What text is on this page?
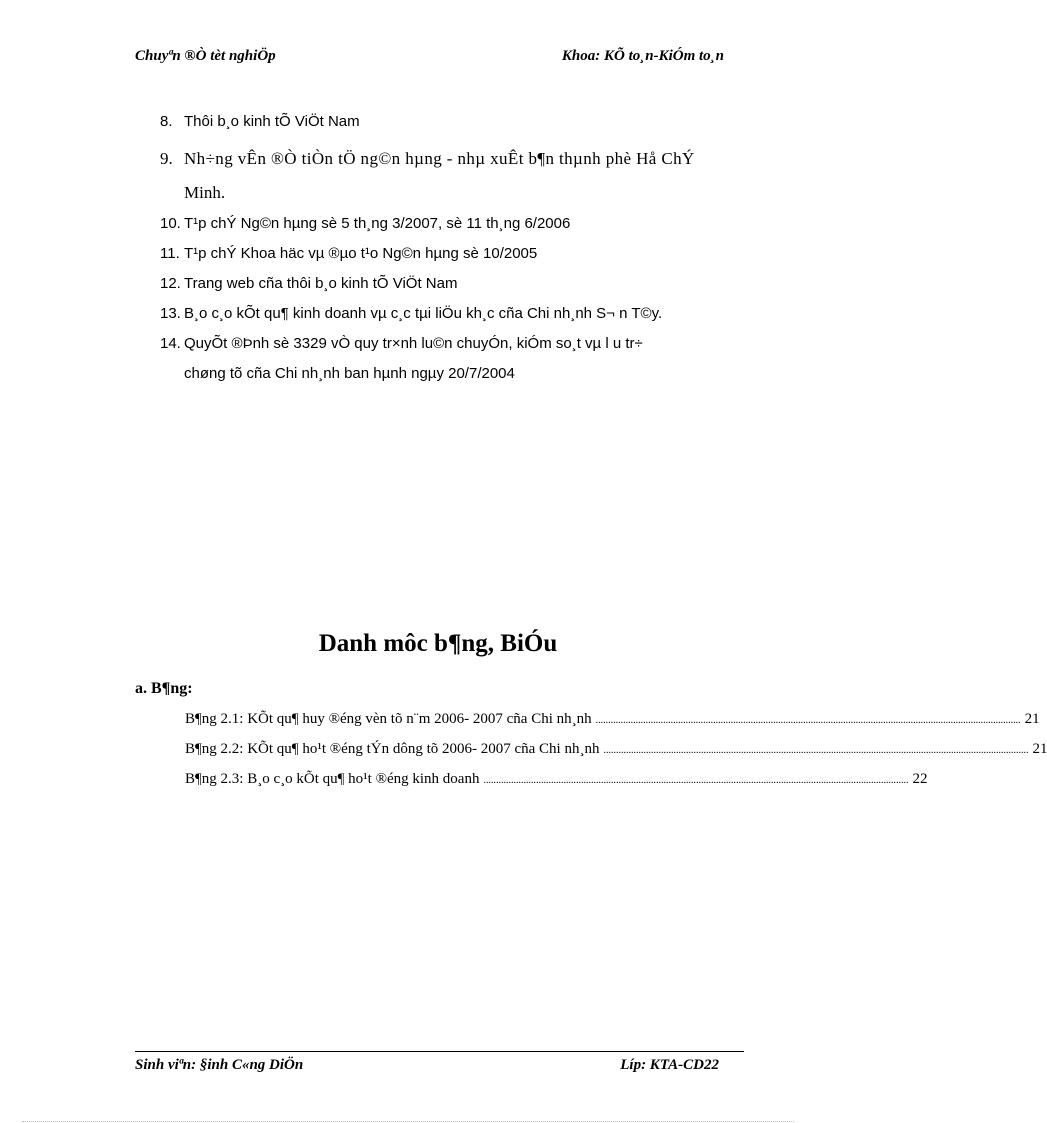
Chuyªn ®Ò tèt nghiÖp	Khoa: KÕ to¸n-KiÓm to¸n
8. Thôi b¸o kinh tÕ ViÖt Nam
9. Nh÷ng vÊn ®Ò tiÒn tÖ ng©n hµng - nhµ xuÊt b¶n thµnh phè Hå ChÝ
Minh.
10. T¹p chÝ Ng©n hµng sè 5 th¸ng 3/2007, sè 11 th¸ng 6/2006
11. T¹p chÝ Khoa häc vµ ®µo t¹o Ng©n hµng sè 10/2005
12. Trang web cña thôi b¸o kinh tÕ ViÖt Nam
13. B¸o c¸o kÕt qu¶ kinh doanh vµ c¸c tµi liÖu kh¸c cña Chi nh¸nh S¬ n T©y.
14. QuyÕt ®Þnh sè 3329 vÒ quy tr×nh lu©n chuyÓn, kiÓm so¸t vµ l u tr÷
chøng tõ cña Chi nh¸nh ban hµnh ngµy 20/7/2004
Danh môc b¶ng, BiÓu
a. B¶ng:
B¶ng 2.1: KÕt qu¶ huy ®éng vèn tõ n¨m 2006- 2007 cña Chi nh¸nh .......................................................................................................................................................................... 21
B¶ng 2.2: KÕt qu¶ ho¹t ®éng tÝn dông tõ 2006- 2007 cña Chi nh¸nh .......................................................................................................................................................................... 21
B¶ng 2.3: B¸o c¸o kÕt qu¶ ho¹t ®éng kinh doanh .......................................................................................................................................................................... 22
Sinh viªn: §inh C«ng DiÖn	Líp: KTA-CD22
